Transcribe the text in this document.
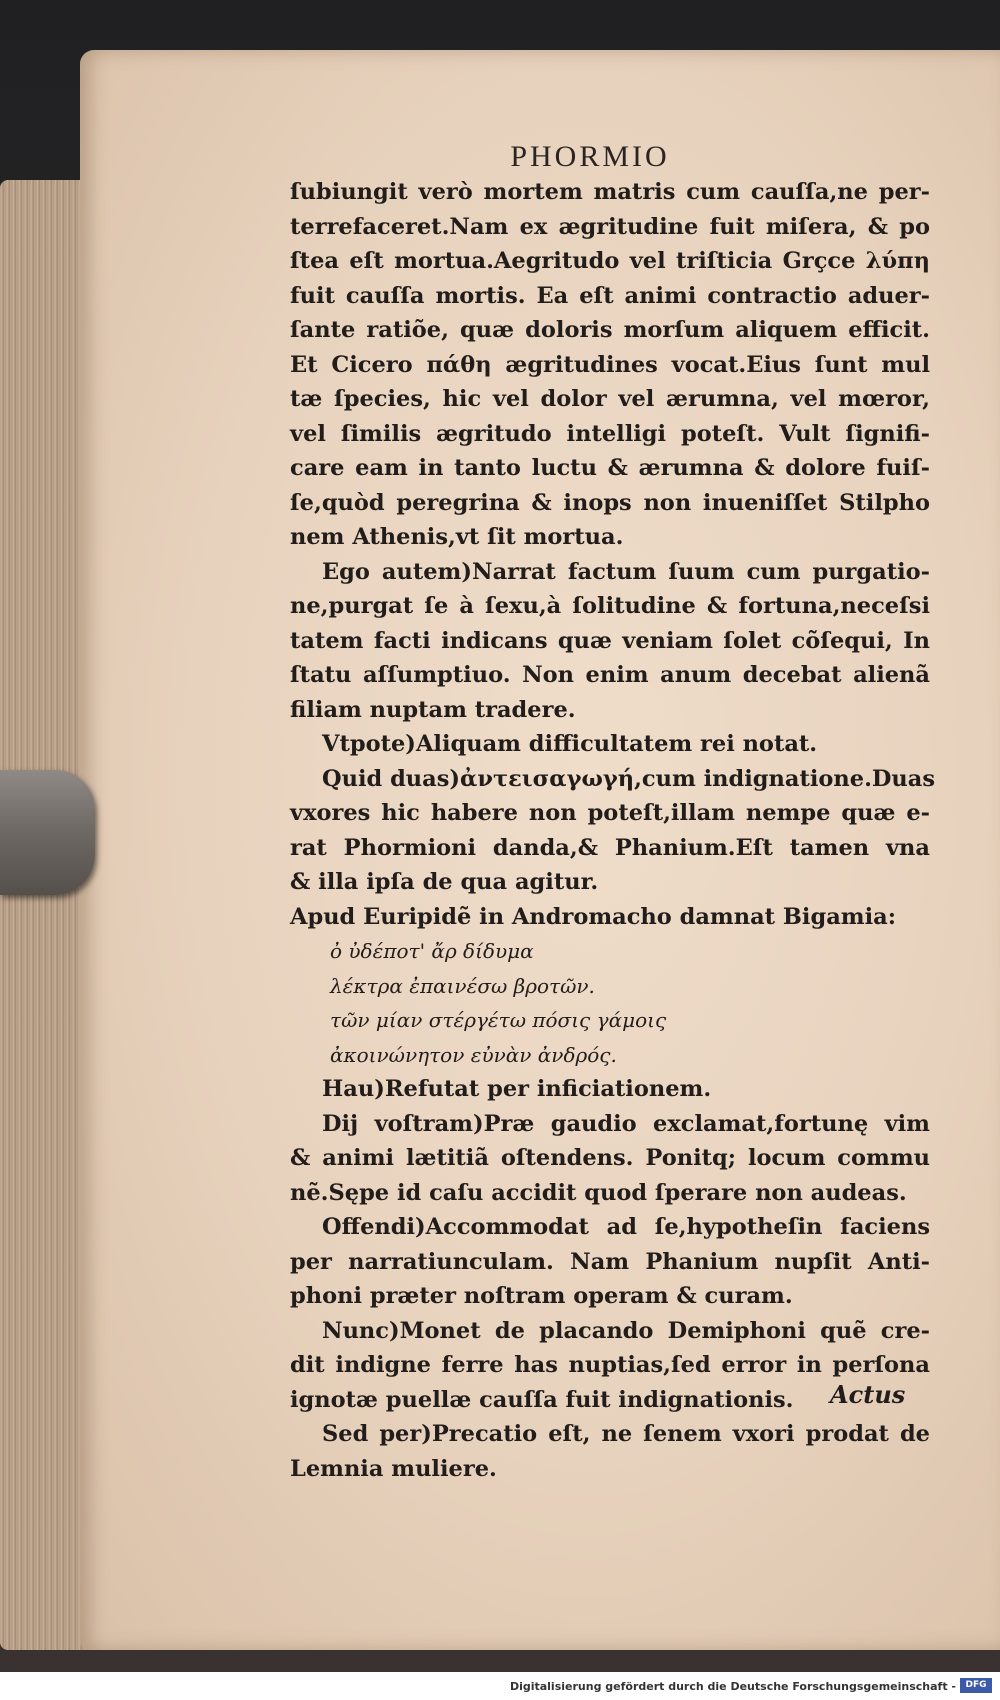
PHORMIO
ſubiungit verò mortem matris cum cauſſa,ne per-
terrefaceret.Nam ex ægritudine fuit miſera, & po
ſtea eſt mortua.Aegritudo vel triſticia Grçce λύπη
fuit cauſſa mortis. Ea eſt animi contractio aduer-
ſante ratiõe, quæ doloris morſum aliquem efficit.
Et Cicero πάθη ægritudines vocat.Eius ſunt mul
tæ ſpecies, hic vel dolor vel ærumna, vel mœror,
vel ſimilis ægritudo intelligi poteſt. Vult ſignifi-
care eam in tanto luctu & ærumna & dolore fuiſ-
ſe,quòd peregrina & inops non inueniſſet Stilpho
nem Athenis,vt ſit mortua.
Ego autem)Narrat factum ſuum cum purgatio-
ne,purgat ſe à ſexu,à ſolitudine & fortuna,neceſsi
tatem facti indicans quæ veniam ſolet cõſequi, In
ſtatu aſſumptiuo. Non enim anum decebat alienã
filiam nuptam tradere.
Vtpote)Aliquam difficultatem rei notat.
Quid duas)ἀντεισαγωγή,cum indignatione.Duas
vxores hic habere non poteſt,illam nempe quæ e-
rat Phormioni danda,& Phanium.Eſt tamen vna
& illa ipſa de qua agitur.
Apud Euripidẽ in Andromacho damnat Bigamia:
ὀ ὐδέποτ' ἄρ δίδυμα
λέκτρα ἐπαινέσω βροτῶν.
τῶν μίαν στέργέτω πόσις γάμοις
ἀκοινώνητον εὐνὰν ἀνδρός.
Hau)Refutat per inficiationem.
Dij voſtram)Præ gaudio exclamat,fortunę vim
& animi lætitiã oſtendens. Ponitq; locum commu
nẽ.Sępe id caſu accidit quod ſperare non audeas.
Offendi)Accommodat ad ſe,hypotheſin faciens
per narratiunculam. Nam Phanium nupſit Anti-
phoni præter noſtram operam & curam.
Nunc)Monet de placando Demiphoni quẽ cre-
dit indigne ferre has nuptias,ſed error in perſona
ignotæ puellæ cauſſa fuit indignationis.
Sed per)Precatio eſt, ne ſenem vxori prodat de
Lemnia muliere.
Actus
Digitalisierung gefördert durch die Deutsche Forschungsgemeinschaft -	DFG
